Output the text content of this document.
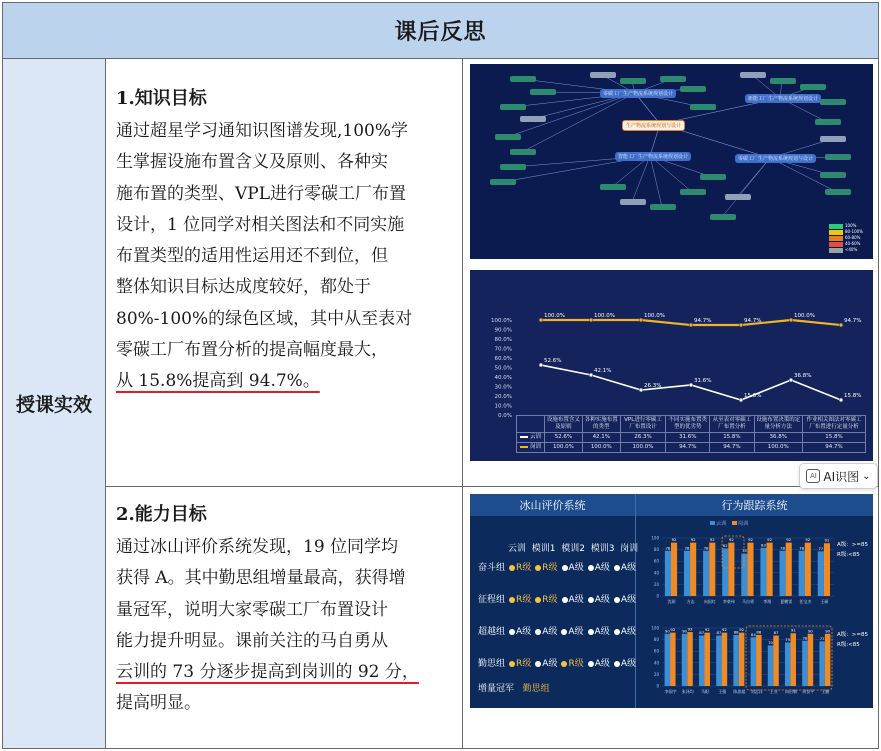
课后反思
授课实效
1.知识目标
通过超星学习通知识图谱发现,100%学
生掌握设施布置含义及原则、各种实
施布置的类型、VPL进行零碳工厂布置
设计，1 位同学对相关图法和不同实施
布置类型的适用性运用还不到位，但
整体知识目标达成度较好，都处于
80%-100%的绿色区域，其中从至表对
零碳工厂布置分析的提高幅度最大，
从 15.8%提高到 94.7%。
2.能力目标
通过冰山评价系统发现，19 位同学均
获得 A。其中勤思组增量最高，获得增
量冠军，说明大家零碳工厂布置设计
能力提升明显。课前关注的马自勇从
云训的 73 分逐步提高到岗训的 92 分，
提高明显。
生产物流系统规划与设计
零碳工厂生产物流系统规划设计
新能工厂生产物流系统规划设计
智能工厂生产物流系统规划设计	零碳工厂生产物流系统规划与设计
100%
80-100%
60-80%
40-60%
<40%
100.0%
90.0%
80.0%
70.0%
60.0%
50.0%
40.0%
30.0%
20.0%
10.0%
0.0%
52.6%
42.1%
26.3%
31.6%
15.8%
36.8%
15.8%
100.0%	100.0%	100.0%
94.7%	94.7%
100.0%
94.7%
	设施布置含义及原则	各种实施布置的类型	VPL进行零碳工厂布置设计	不同实施布置类型的优劣势	从至表对零碳工厂布置分析	设施布置决策的定量分析方法	作业相关图法对零碳工厂布置进行定量分析
云训	52.6%	42.1%	26.3%	31.6%	15.8%	36.8%	15.8%
岗训	100.0%	100.0%	100.0%	94.7%	94.7%	100.0%	94.7%
冰山评价系统	行为跟踪系统
云训 模训1 模训2 模训3 岗训
奋斗组 R级 R级 A级 A级 A级
征程组 R级 R级 A级 A级 A级
超越组 A级 A级 A级 A级 A级
勤思组 R级 A级 R级 A级 A级
增量冠军 勤思组
云训 岗训
0
20
40
60
80
100
78
92
沈玥
78
92
方志
78
92
向国红
82
92
李豪伟
73
92
马自勇
83
92
李翔
78
92
夏鹏雷
78
92
任宝杰
77
91
王硕
A级：>=85
R级:<85
0
20
40
60
80
100
90 92
李国宇
90 93
张泽均
87
92
马阳
87
92
王强
88 92
陈思超
84 88
刘志洋
70
87
王业
75
91
向启朝
78
90
周良平
77
90
王鹏
A级：>=85
R级:<85
AI AI识图 ⌄
